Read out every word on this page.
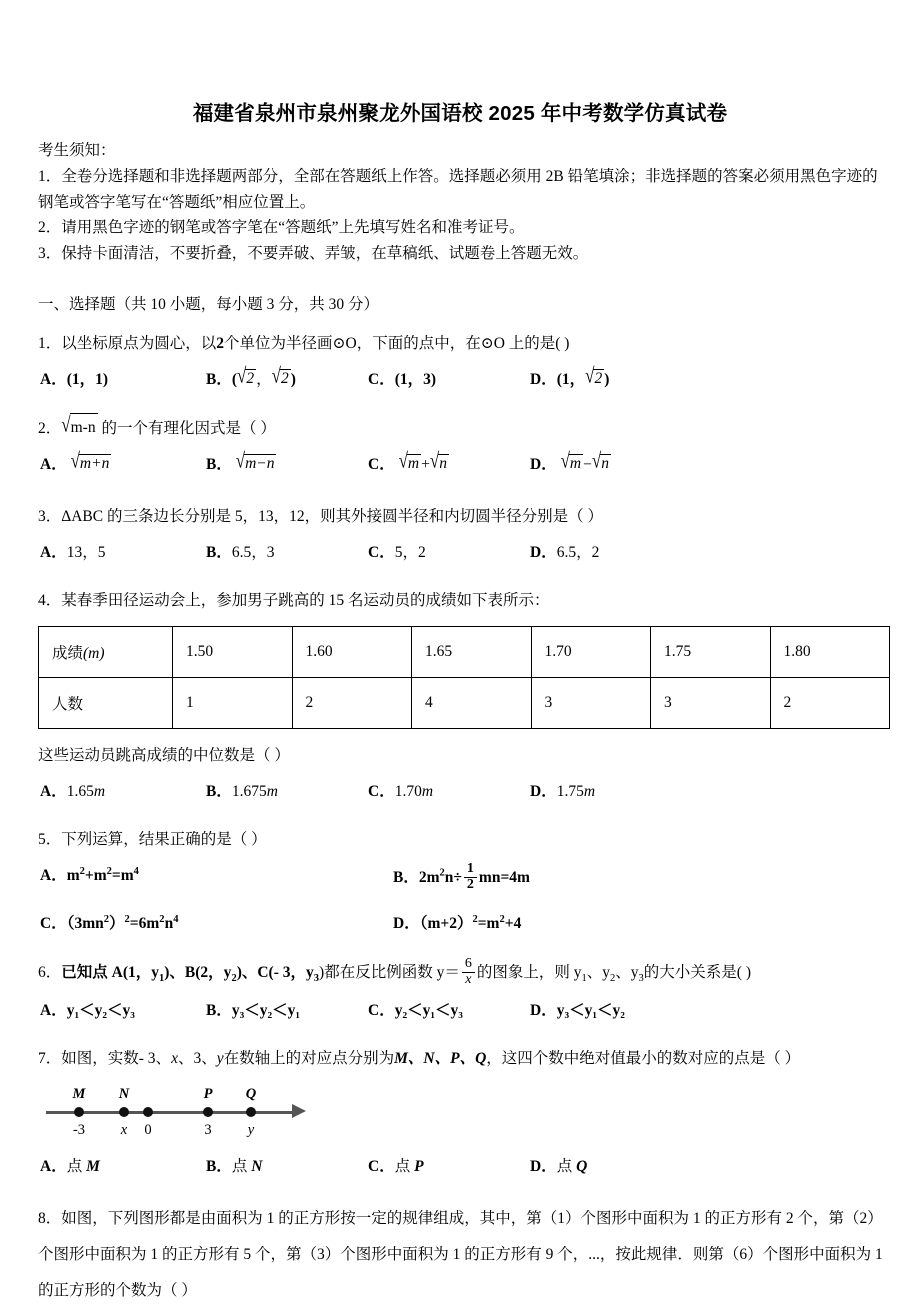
福建省泉州市泉州聚龙外国语校 2025 年中考数学仿真试卷
考生须知：
1．全卷分选择题和非选择题两部分，全部在答题纸上作答。选择题必须用 2B 铅笔填涂；非选择题的答案必须用黑色字迹的钢笔或答字笔写在“答题纸”相应位置上。
2．请用黑色字迹的钢笔或答字笔在“答题纸”上先填写姓名和准考证号。
3．保持卡面清洁，不要折叠，不要弄破、弄皱，在草稿纸、试题卷上答题无效。
一、选择题（共 10 小题，每小题 3 分，共 30 分）
1．以坐标原点为圆心，以2个单位为半径画⊙O，下面的点中，在⊙O 上的是( )
A．(1，1)	B．(√2 ，√2 )	C．(1，3)	D．(1，√2 )
2．√m-n 的一个有理化因式是（ ）
A． √m+n	B． √m−n	C． √m +√n	D． √m −√n
3．ΔABC 的三条边长分别是 5，13，12，则其外接圆半径和内切圆半径分别是（ ）
A．13，5	B．6.5，3	C．5，2	D．6.5，2
4．某春季田径运动会上，参加男子跳高的 15 名运动员的成绩如下表所示：
成绩(m)	1.50	1.60	1.65	1.70	1.75	1.80
人数	1	2	4	3	3	2
这些运动员跳高成绩的中位数是（ ）
A．1.65m	B．1.675m	C．1.70m	D．1.75m
5．下列运算，结果正确的是（ ）
A．$m^2+m^2=m^4$	B．$2m^2n\div \frac{1}{2} mn=4m$
C．$(3mn^2)^2=6m^2n^4$	D．$(m+2)^2=m^2+4$
6．已知点 A(1，$y_1$)、B(2，$y_2$)、C(- 3，$y_3$)都在反比例函数 $y= \frac{6}{x}$ 的图象上，则 $y_1$、$y_2$、$y_3$的大小关系是( )
A．y₁＜y₂＜y₃	B．y₃＜y₂＜y₁	C．y₂＜y₁＜y₃	D．y₃＜y₁＜y₂
7．如图，实数- 3、x、3、y在数轴上的对应点分别为M、N、P、Q，这四个数中绝对值最小的数对应的点是（ ）
M N	P Q
-3 x 0	3 y
A．点 M	B．点 N	C．点 P	D．点 Q
8．如图，下列图形都是由面积为 1 的正方形按一定的规律组成，其中，第（1）个图形中面积为 1 的正方形有 2 个，第（2）个图形中面积为 1 的正方形有 5 个，第（3）个图形中面积为 1 的正方形有 9 个，...，按此规律．则第（6）个图形中面积为 1 的正方形的个数为（ ）
